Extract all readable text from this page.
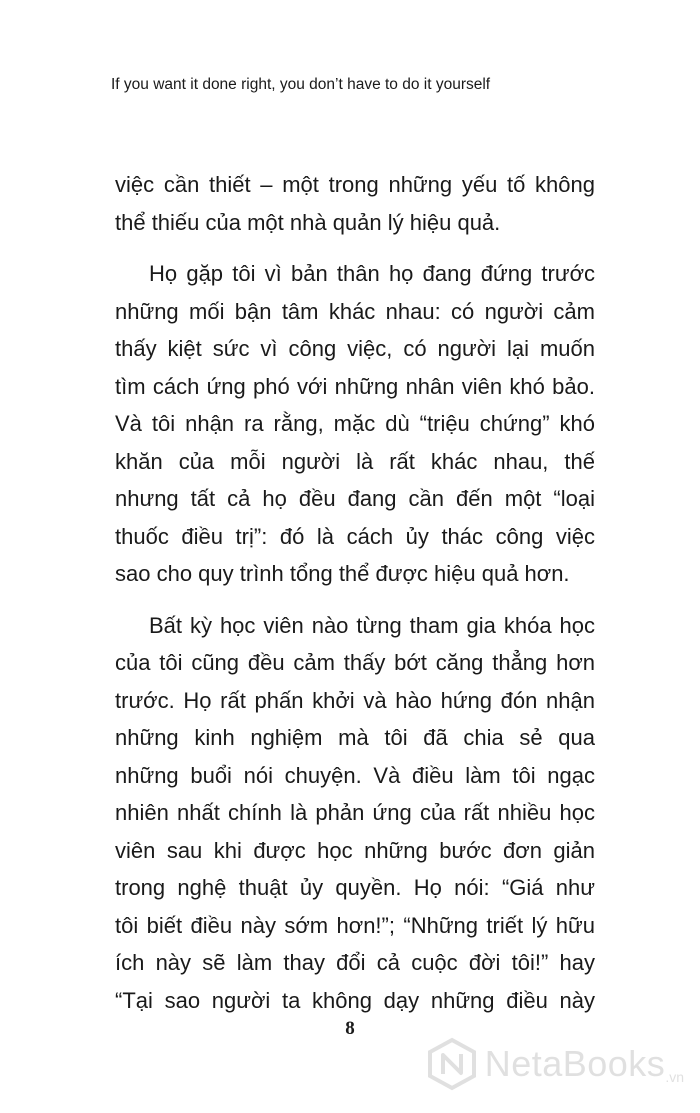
If you want it done right, you don’t have to do it yourself

việc cần thiết – một trong những yếu tố không
thể thiếu của một nhà quản lý hiệu quả.

Họ gặp tôi vì bản thân họ đang đứng trước
những mối bận tâm khác nhau: có người cảm
thấy kiệt sức vì công việc, có người lại muốn
tìm cách ứng phó với những nhân viên khó bảo.
Và tôi nhận ra rằng, mặc dù “triệu chứng” khó
khăn của mỗi người là rất khác nhau, thế
nhưng tất cả họ đều đang cần đến một “loại
thuốc điều trị”: đó là cách ủy thác công việc
sao cho quy trình tổng thể được hiệu quả hơn.

Bất kỳ học viên nào từng tham gia khóa học
của tôi cũng đều cảm thấy bớt căng thẳng hơn
trước. Họ rất phấn khởi và hào hứng đón nhận
những kinh nghiệm mà tôi đã chia sẻ qua
những buổi nói chuyện. Và điều làm tôi ngạc
nhiên nhất chính là phản ứng của rất nhiều học
viên sau khi được học những bước đơn giản
trong nghệ thuật ủy quyền. Họ nói: “Giá như
tôi biết điều này sớm hơn!”; “Những triết lý hữu
ích này sẽ làm thay đổi cả cuộc đời tôi!” hay
“Tại sao người ta không dạy những điều này

8
NetaBooks .vn
